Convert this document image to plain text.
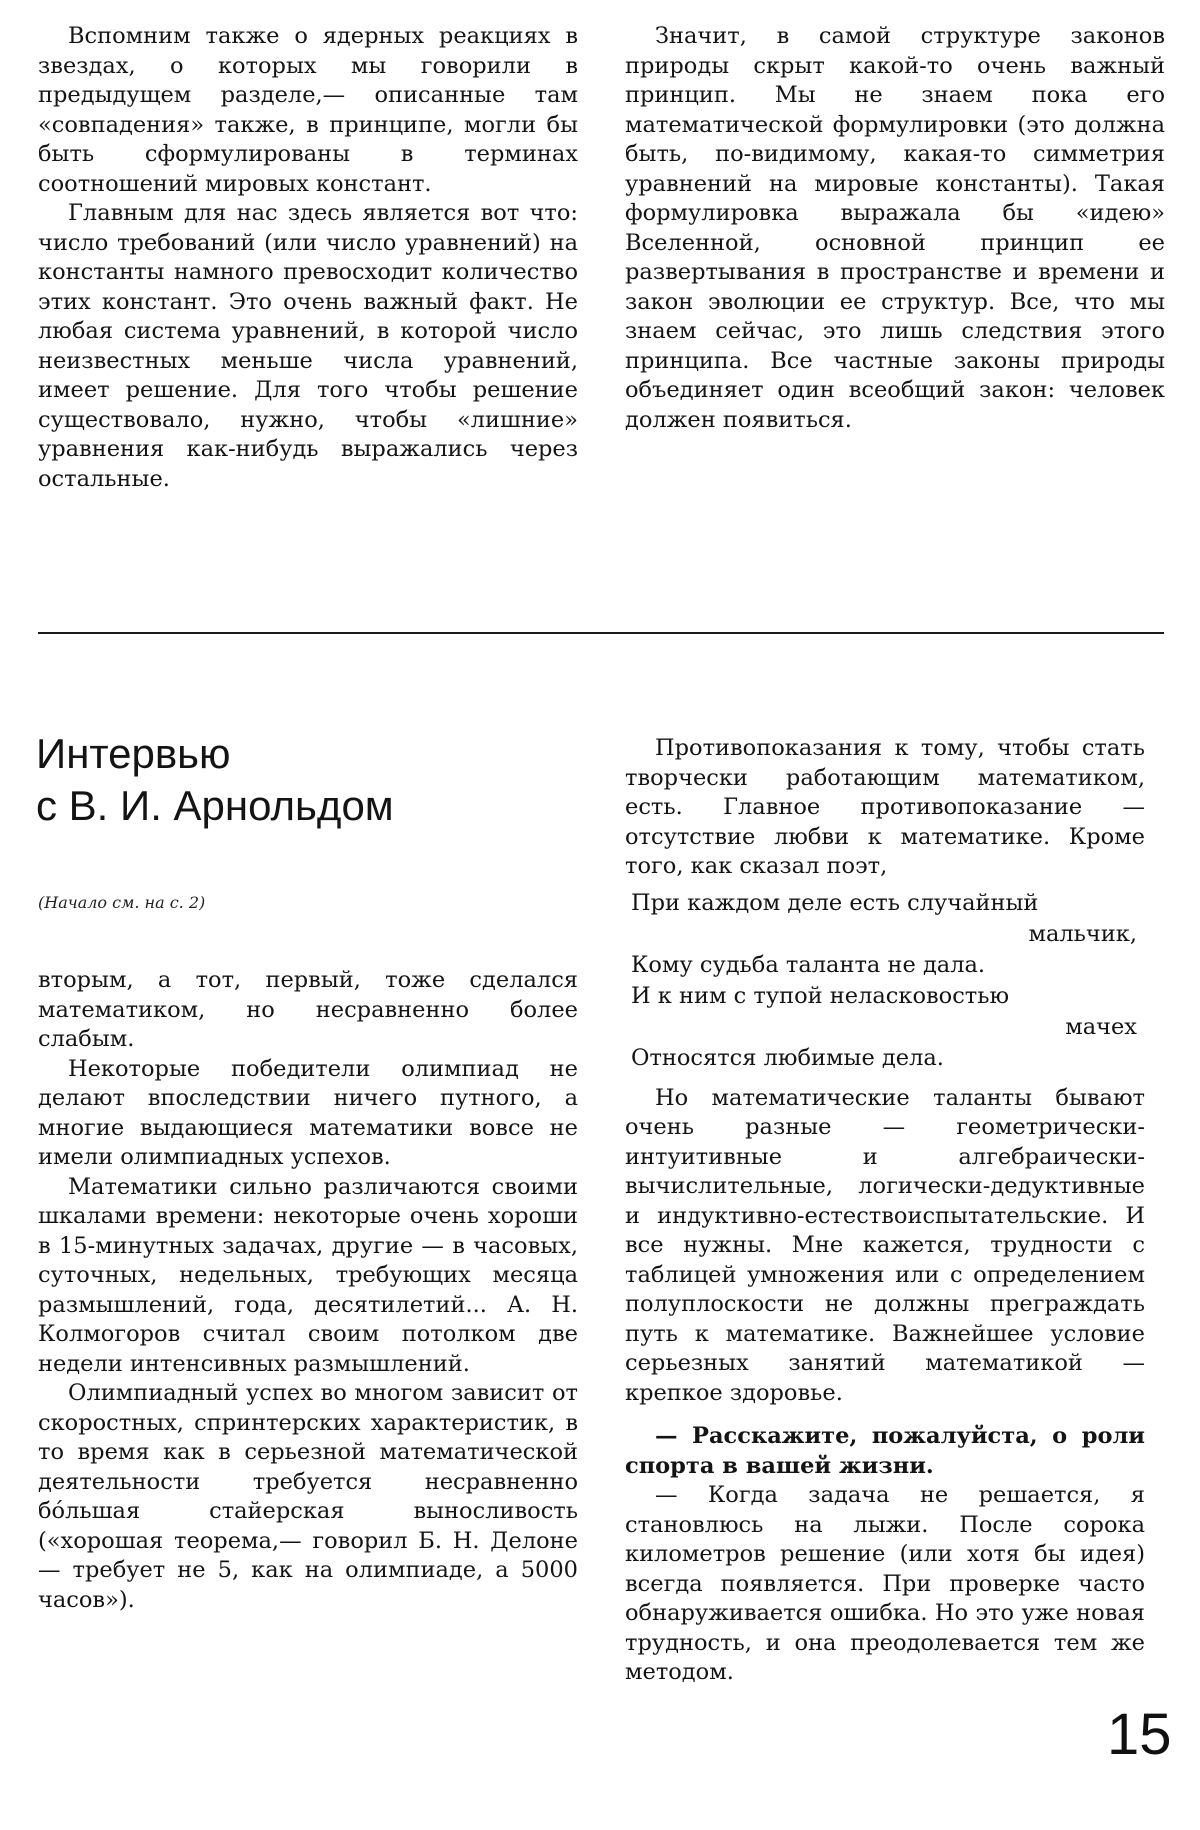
Вспомним также о ядерных реакциях в звездах, о которых мы говорили в предыдущем разделе,— описанные там «совпадения» также, в принципе, могли бы быть сформулированы в терминах соотношений мировых констант.

Главным для нас здесь является вот что: число требований (или число уравнений) на константы намного превосходит количество этих констант. Это очень важный факт. Не любая система уравнений, в которой число неизвестных меньше числа уравнений, имеет решение. Для того чтобы решение существовало, нужно, чтобы «лишние» уравнения как-нибудь выражались через остальные.

Значит, в самой структуре законов природы скрыт какой-то очень важный принцип. Мы не знаем пока его математической формулировки (это должна быть, по-видимому, какая-то симметрия уравнений на мировые константы). Такая формулировка выражала бы «идею» Вселенной, основной принцип ее развертывания в пространстве и времени и закон эволюции ее структур. Все, что мы знаем сейчас, это лишь следствия этого принципа. Все частные законы природы объединяет один всеобщий закон: человек должен появиться.

Интервью
с В. И. Арнольдом
(Начало см. на с. 2)

вторым, а тот, первый, тоже сделался математиком, но несравненно более слабым.

Некоторые победители олимпиад не делают впоследствии ничего путного, а многие выдающиеся математики вовсе не имели олимпиадных успехов.

Математики сильно различаются своими шкалами времени: некоторые очень хороши в 15-минутных задачах, другие — в часовых, суточных, недельных, требующих месяца размышлений, года, десятилетий... А. Н. Колмогоров считал своим потолком две недели интенсивных размышлений.

Олимпиадный успех во многом зависит от скоростных, спринтерских характеристик, в то время как в серьезной математической деятельности требуется несравненно бóльшая стайерская выносливость («хорошая теорема,— говорил Б. Н. Делоне — требует не 5, как на олимпиаде, а 5000 часов»).

Противопоказания к тому, чтобы стать творчески работающим математиком, есть. Главное противопоказание — отсутствие любви к математике. Кроме того, как сказал поэт,

При каждом деле есть случайный
мальчик,
Кому судьба таланта не дала.
И к ним с тупой неласковостью
мачех
Относятся любимые дела.

Но математические таланты бывают очень разные — геометрически-интуитивные и алгебраически-вычислительные, логически-дедуктивные и индуктивно-естествоиспытательские. И все нужны. Мне кажется, трудности с таблицей умножения или с определением полуплоскости не должны преграждать путь к математике. Важнейшее условие серьезных занятий математикой — крепкое здоровье.

— Расскажите, пожалуйста, о роли спорта в вашей жизни.

— Когда задача не решается, я становлюсь на лыжи. После сорока километров решение (или хотя бы идея) всегда появляется. При проверке часто обнаруживается ошибка. Но это уже новая трудность, и она преодолевается тем же методом.

15
